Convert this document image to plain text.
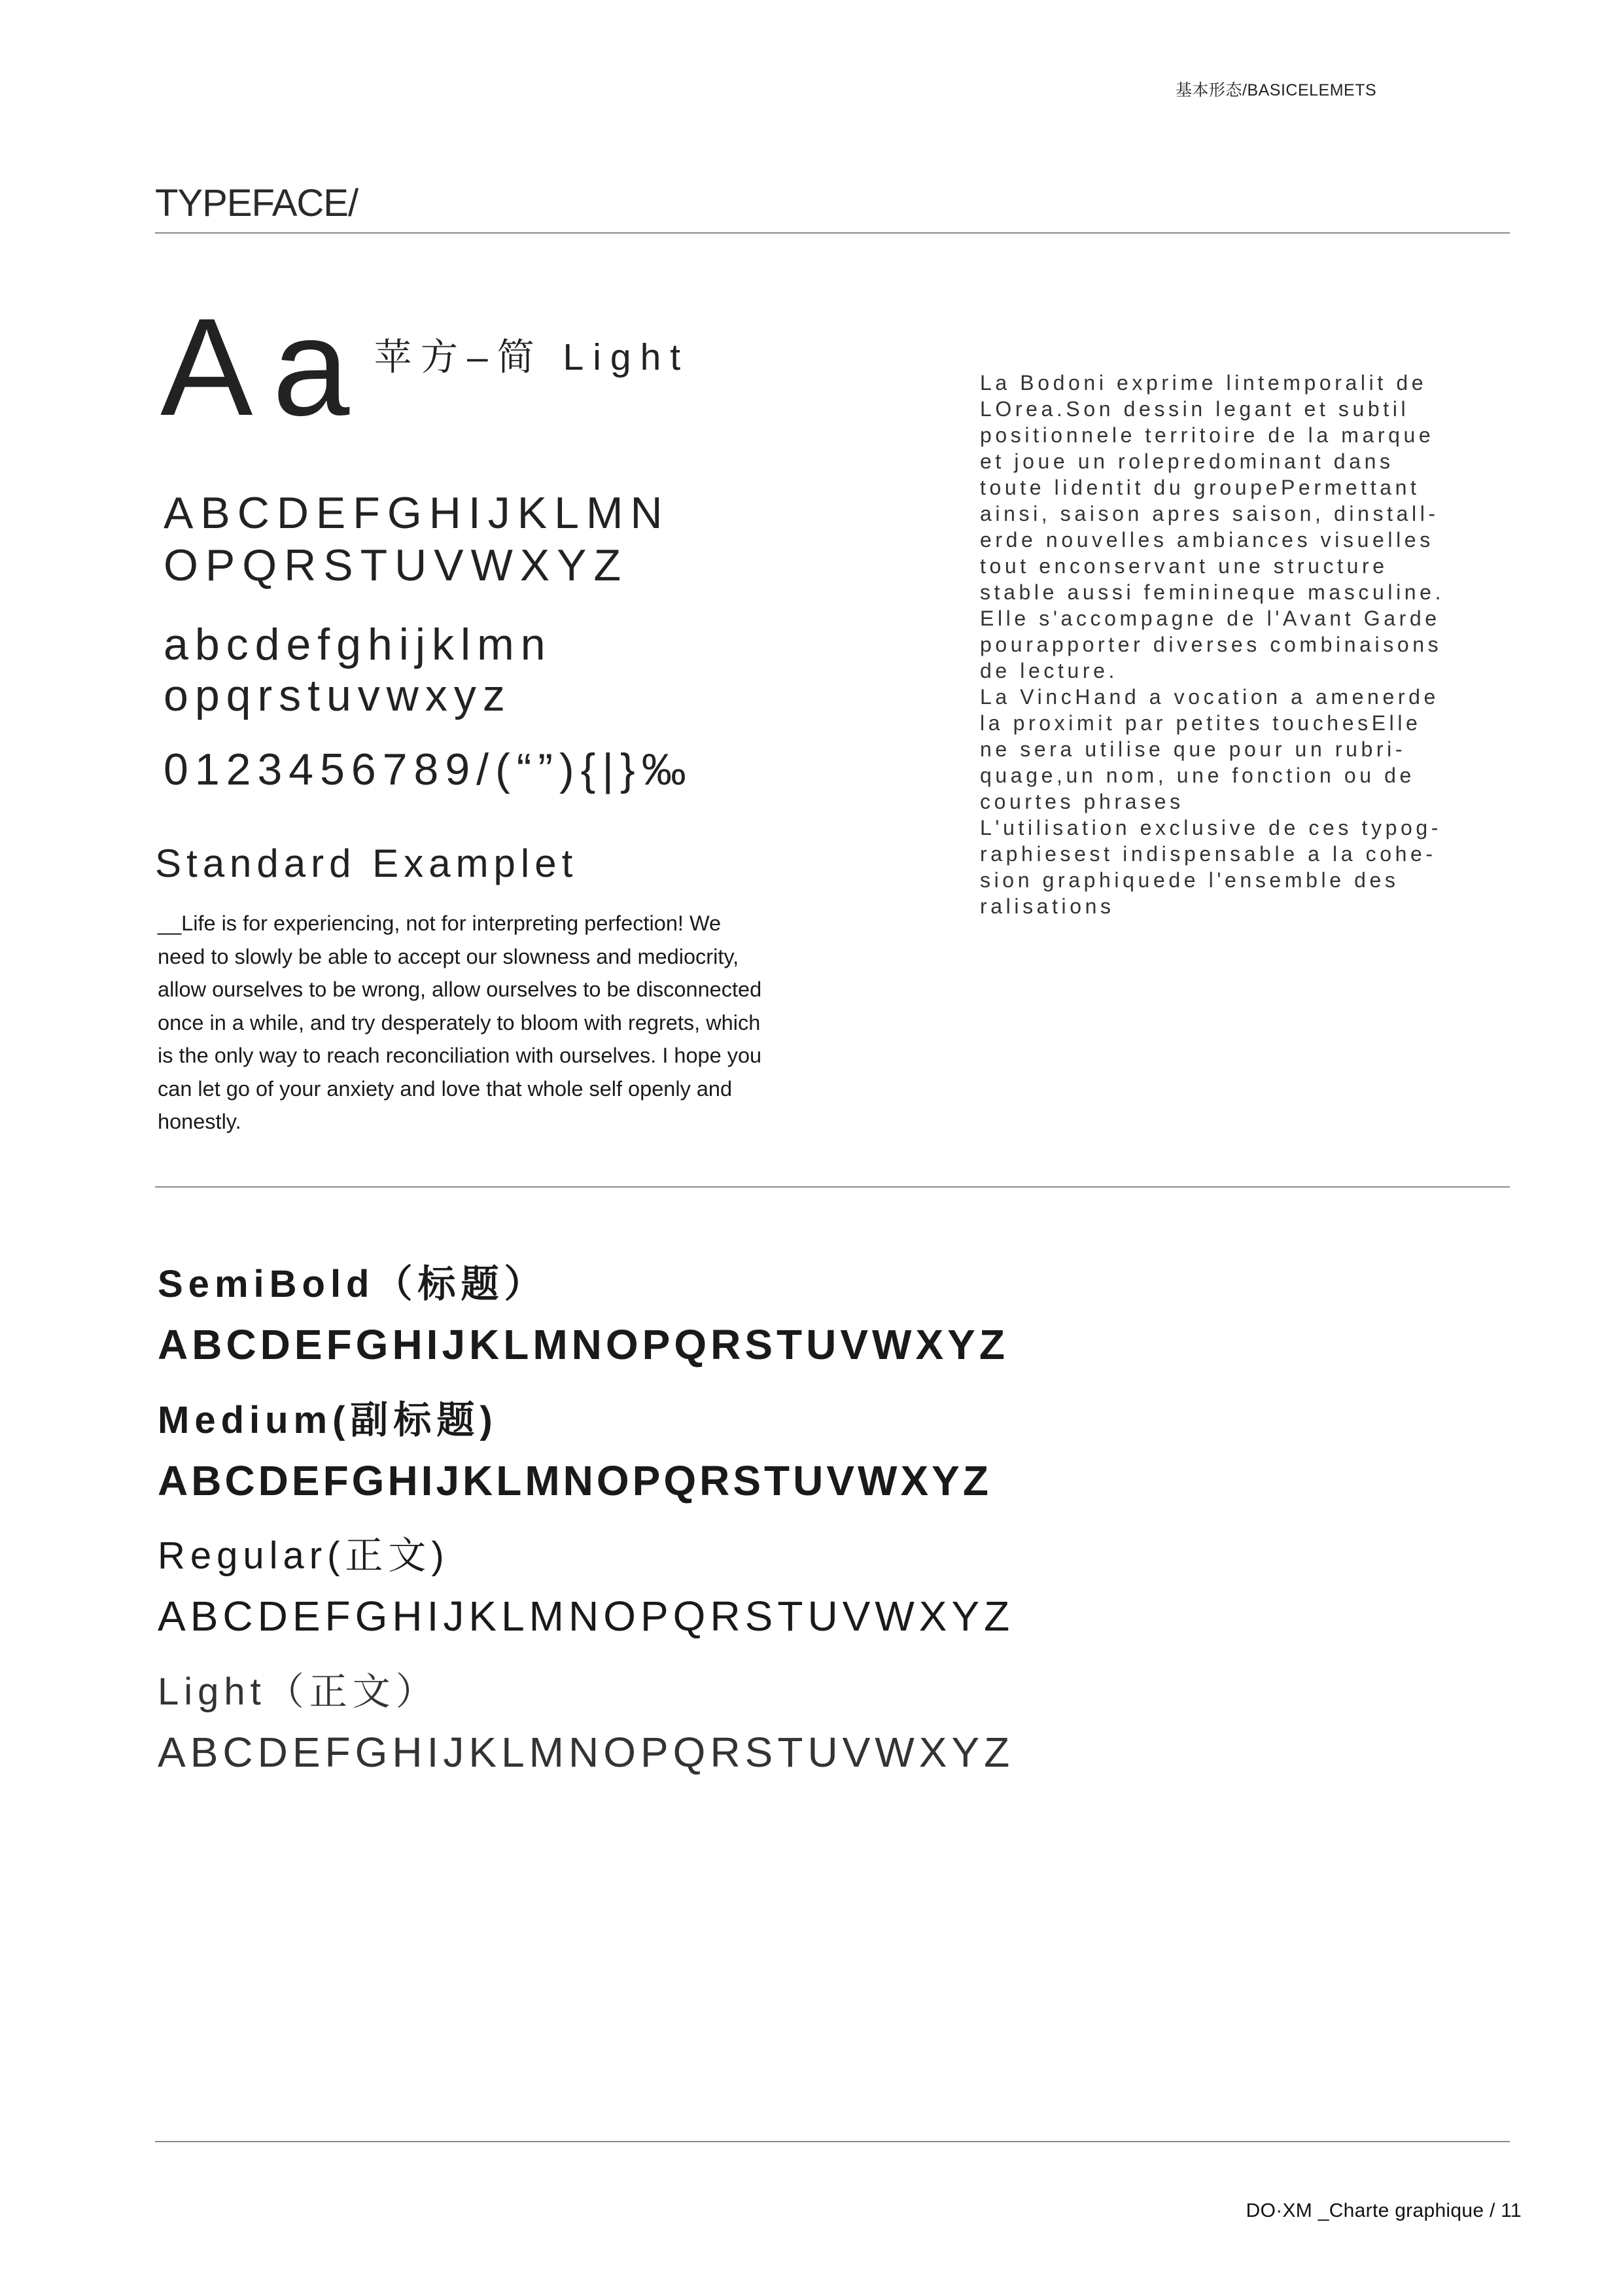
基本形态/BASICELEMETS
TYPEFACE/
Aa 苹方–简 Light
ABCDEFGHIJKLMN
OPQRSTUVWXYZ
abcdefghijklmn
opqrstuvwxyz
0123456789/(“”){|}‰
Standard Examplet
__Life is for experiencing, not for interpreting perfection! We
need to slowly be able to accept our slowness and mediocrity,
allow ourselves to be wrong, allow ourselves to be disconnected
once in a while, and try desperately to bloom with regrets, which
is the only way to reach reconciliation with ourselves. I hope you
can let go of your anxiety and love that whole self openly and
honestly.
La Bodoni exprime lintemporalit de
LOrea.Son dessin legant et subtil
positionnele territoire de la marque
et joue un rolepredominant dans
toute lidentit du groupePermettant
ainsi, saison apres saison, dinstall-
erde nouvelles ambiances visuelles
tout enconservant une structure
stable aussi feminineque masculine.
Elle s'accompagne de l'Avant Garde
pourapporter diverses combinaisons
de lecture.
La VincHand a vocation a amenerde
la proximit par petites touchesElle
ne sera utilise que pour un rubri-
quage,un nom, une fonction ou de
courtes phrases
L'utilisation exclusive de ces typog-
raphiesest indispensable a la cohe-
sion graphiquede l'ensemble des
ralisations
SemiBold（标题）
ABCDEFGHIJKLMNOPQRSTUVWXYZ
Medium(副标题)
ABCDEFGHIJKLMNOPQRSTUVWXYZ
Regular(正文)
ABCDEFGHIJKLMNOPQRSTUVWXYZ
Light（正文）
ABCDEFGHIJKLMNOPQRSTUVWXYZ
DO·XM _Charte graphique / 11
